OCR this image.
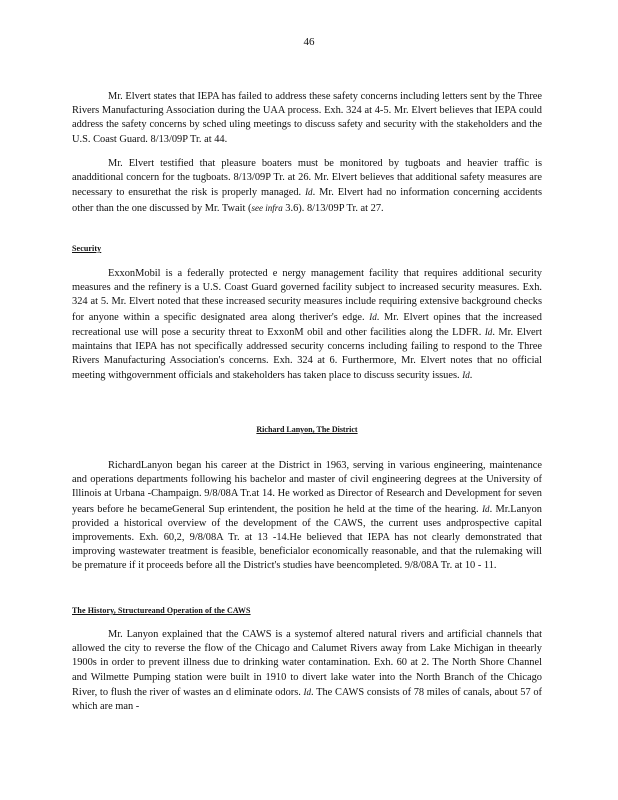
46

Mr. Elvert states that IEPA has failed to address these safety concerns including letters sent by the Three Rivers Manufacturing Association during the UAA process. Exh. 324 at 4-5. Mr. Elvert believes that IEPA could address the safety concerns by sched uling meetings to discuss safety and security with the stakeholders and the U.S. Coast Guard. 8/13/09P Tr. at 44.

Mr. Elvert testified that pleasure boaters must be monitored by tugboats and heavier traffic is anadditional concern for the tugboats. 8/13/09P Tr. at 26. Mr. Elvert believes that additional safety measures are necessary to ensurethat the risk is properly managed. Id. Mr. Elvert had no information concerning accidents other than the one discussed by Mr. Twait (see infra 3.6). 8/13/09P Tr. at 27.

Security

ExxonMobil is a federally protected e nergy management facility that requires additional security measures and the refinery is a U.S. Coast Guard governed facility subject to increased security measures. Exh. 324 at 5. Mr. Elvert noted that these increased security measures include requiring extensive background checks for anyone within a specific designated area along theriver's edge. Id. Mr. Elvert opines that the increased recreational use will pose a security threat to ExxonM obil and other facilities along the LDFR. Id. Mr. Elvert maintains that IEPA has not specifically addressed security concerns including failing to respond to the Three Rivers Manufacturing Association's concerns. Exh. 324 at 6. Furthermore, Mr. Elvert notes that no official meeting withgovernment officials and stakeholders has taken place to discuss security issues. Id.

Richard Lanyon, The District

RichardLanyon began his career at the District in 1963, serving in various engineering, maintenance and operations departments following his bachelor and master of civil engineering degrees at the University of Illinois at Urbana -Champaign. 9/8/08A Tr.at 14. He worked as Director of Research and Development for seven years before he becameGeneral Sup erintendent, the position he held at the time of the hearing. Id. Mr.Lanyon provided a historical overview of the development of the CAWS, the current uses andprospective capital improvements. Exh. 60,2, 9/8/08A Tr. at 13 -14.He believed that IEPA has not clearly demonstrated that improving wastewater treatment is feasible, beneficialor economically reasonable, and that the rulemaking will be premature if it proceeds before all the District's studies have beencompleted. 9/8/08A Tr. at 10 - 11.

The History, Structureand Operation of the CAWS

Mr. Lanyon explained that the CAWS is a systemof altered natural rivers and artificial channels that allowed the city to reverse the flow of the Chicago and Calumet Rivers away from Lake Michigan in theearly 1900s in order to prevent illness due to drinking water contamination. Exh. 60 at 2. The North Shore Channel and Wilmette Pumping station were built in 1910 to divert lake water into the North Branch of the Chicago River, to flush the river of wastes an d eliminate odors. Id. The CAWS consists of 78 miles of canals, about 57 of which are man -
